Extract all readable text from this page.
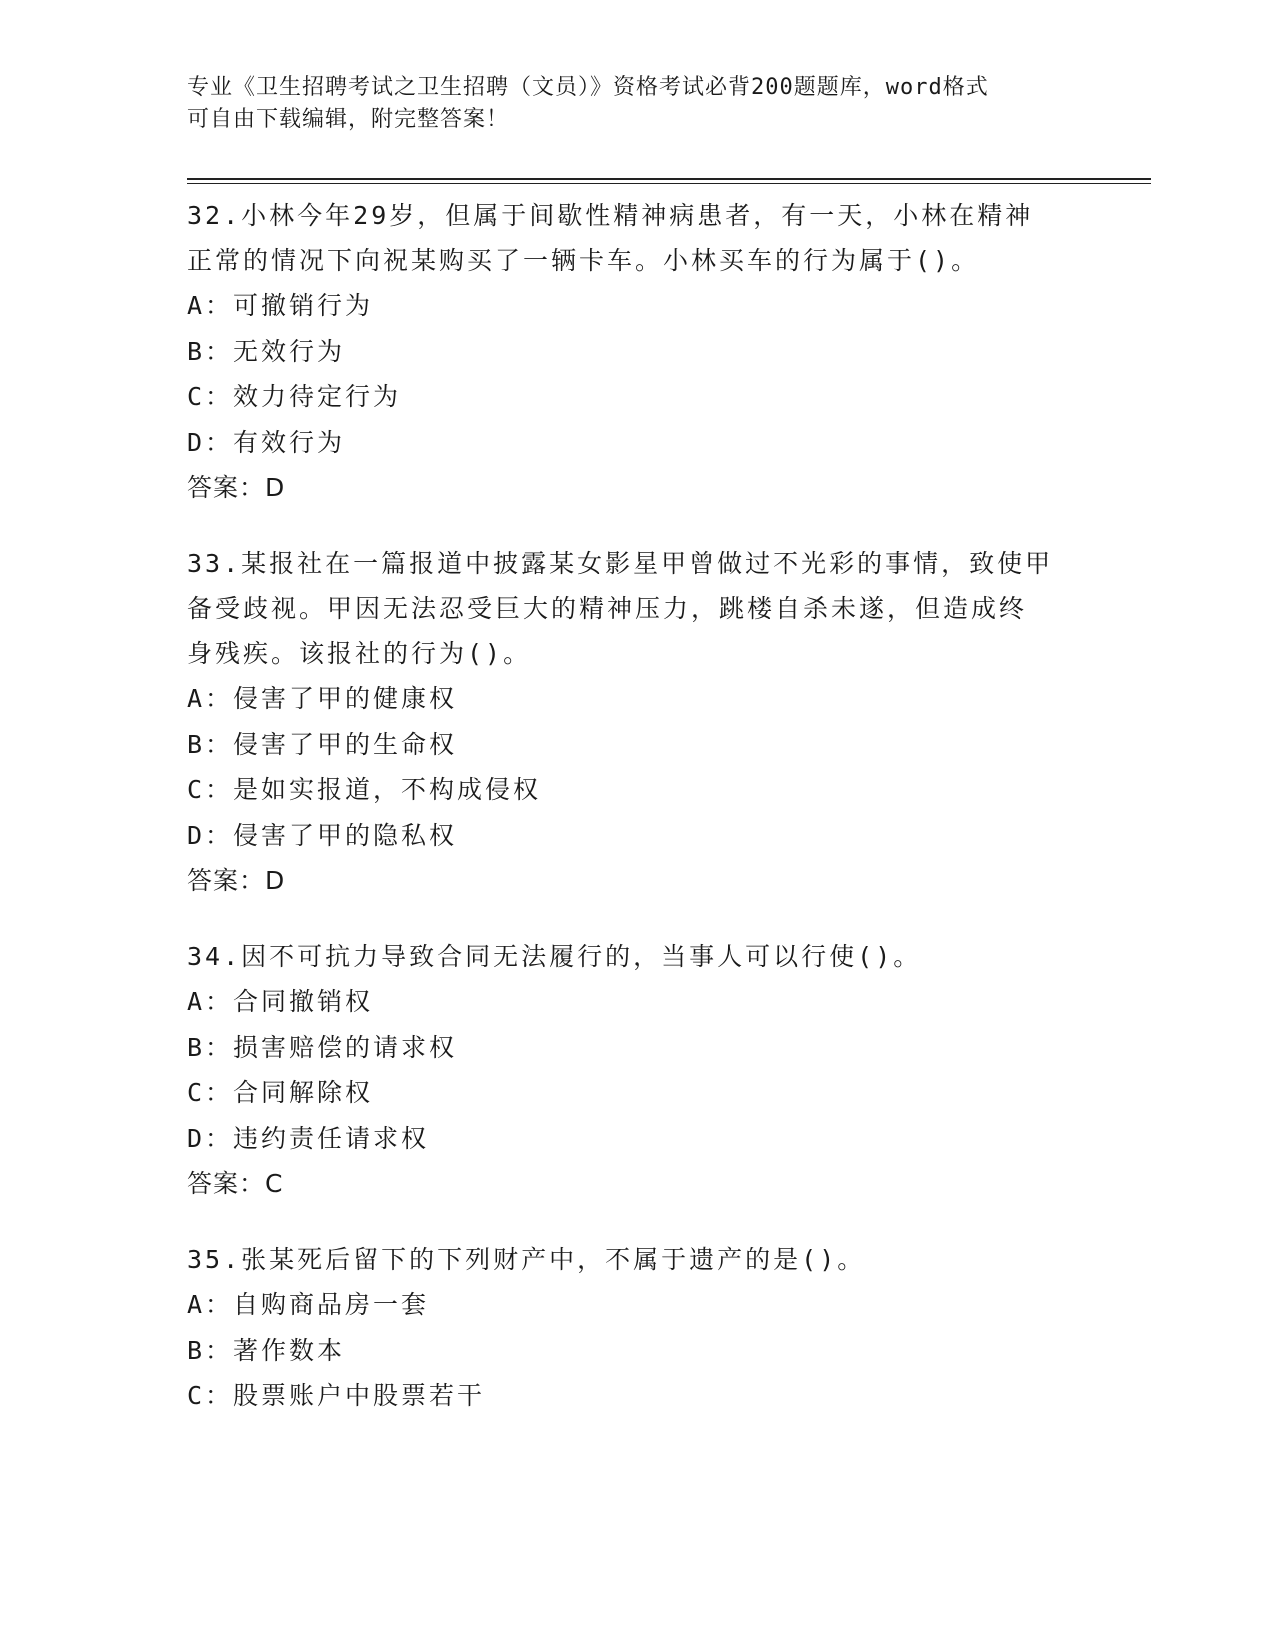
专业《卫生招聘考试之卫生招聘（文员）》资格考试必背200题题库，word格式
可自由下载编辑，附完整答案！
32.小林今年29岁，但属于间歇性精神病患者，有一天，小林在精神
正常的情况下向祝某购买了一辆卡车。小林买车的行为属于()。
A：可撤销行为
B：无效行为
C：效力待定行为
D：有效行为
答案：D
33.某报社在一篇报道中披露某女影星甲曾做过不光彩的事情，致使甲
备受歧视。甲因无法忍受巨大的精神压力，跳楼自杀未遂，但造成终
身残疾。该报社的行为()。
A：侵害了甲的健康权
B：侵害了甲的生命权
C：是如实报道，不构成侵权
D：侵害了甲的隐私权
答案：D
34.因不可抗力导致合同无法履行的，当事人可以行使()。
A：合同撤销权
B：损害赔偿的请求权
C：合同解除权
D：违约责任请求权
答案：C
35.张某死后留下的下列财产中，不属于遗产的是()。
A：自购商品房一套
B：著作数本
C：股票账户中股票若干
